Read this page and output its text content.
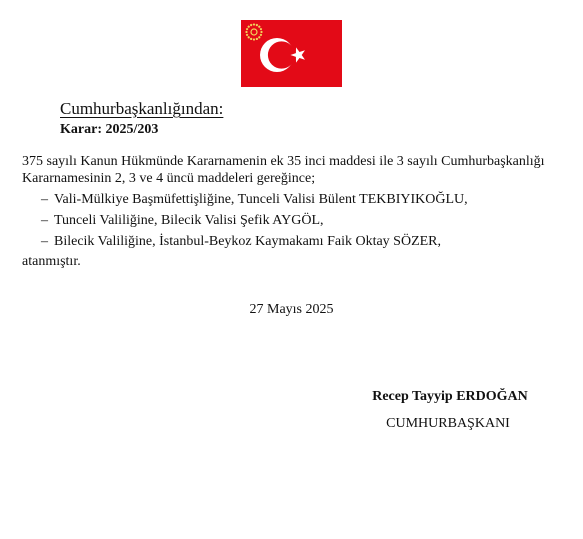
Cumhurbaşkanlığından:
Karar: 2025/203
375 sayılı Kanun Hükmünde Kararnamenin ek 35 inci maddesi ile 3 sayılı Cumhurbaşkanlığı
Kararnamesinin 2, 3 ve 4 üncü maddeleri gereğince;
– Vali-Mülkiye Başmüfettişliğine, Tunceli Valisi Bülent TEKBIYIKOĞLU,
– Tunceli Valiliğine, Bilecik Valisi Şefik AYGÖL,
– Bilecik Valiliğine, İstanbul-Beykoz Kaymakamı Faik Oktay SÖZER,
atanmıştır.
27 Mayıs 2025
Recep Tayyip ERDOĞAN
CUMHURBAŞKANI
